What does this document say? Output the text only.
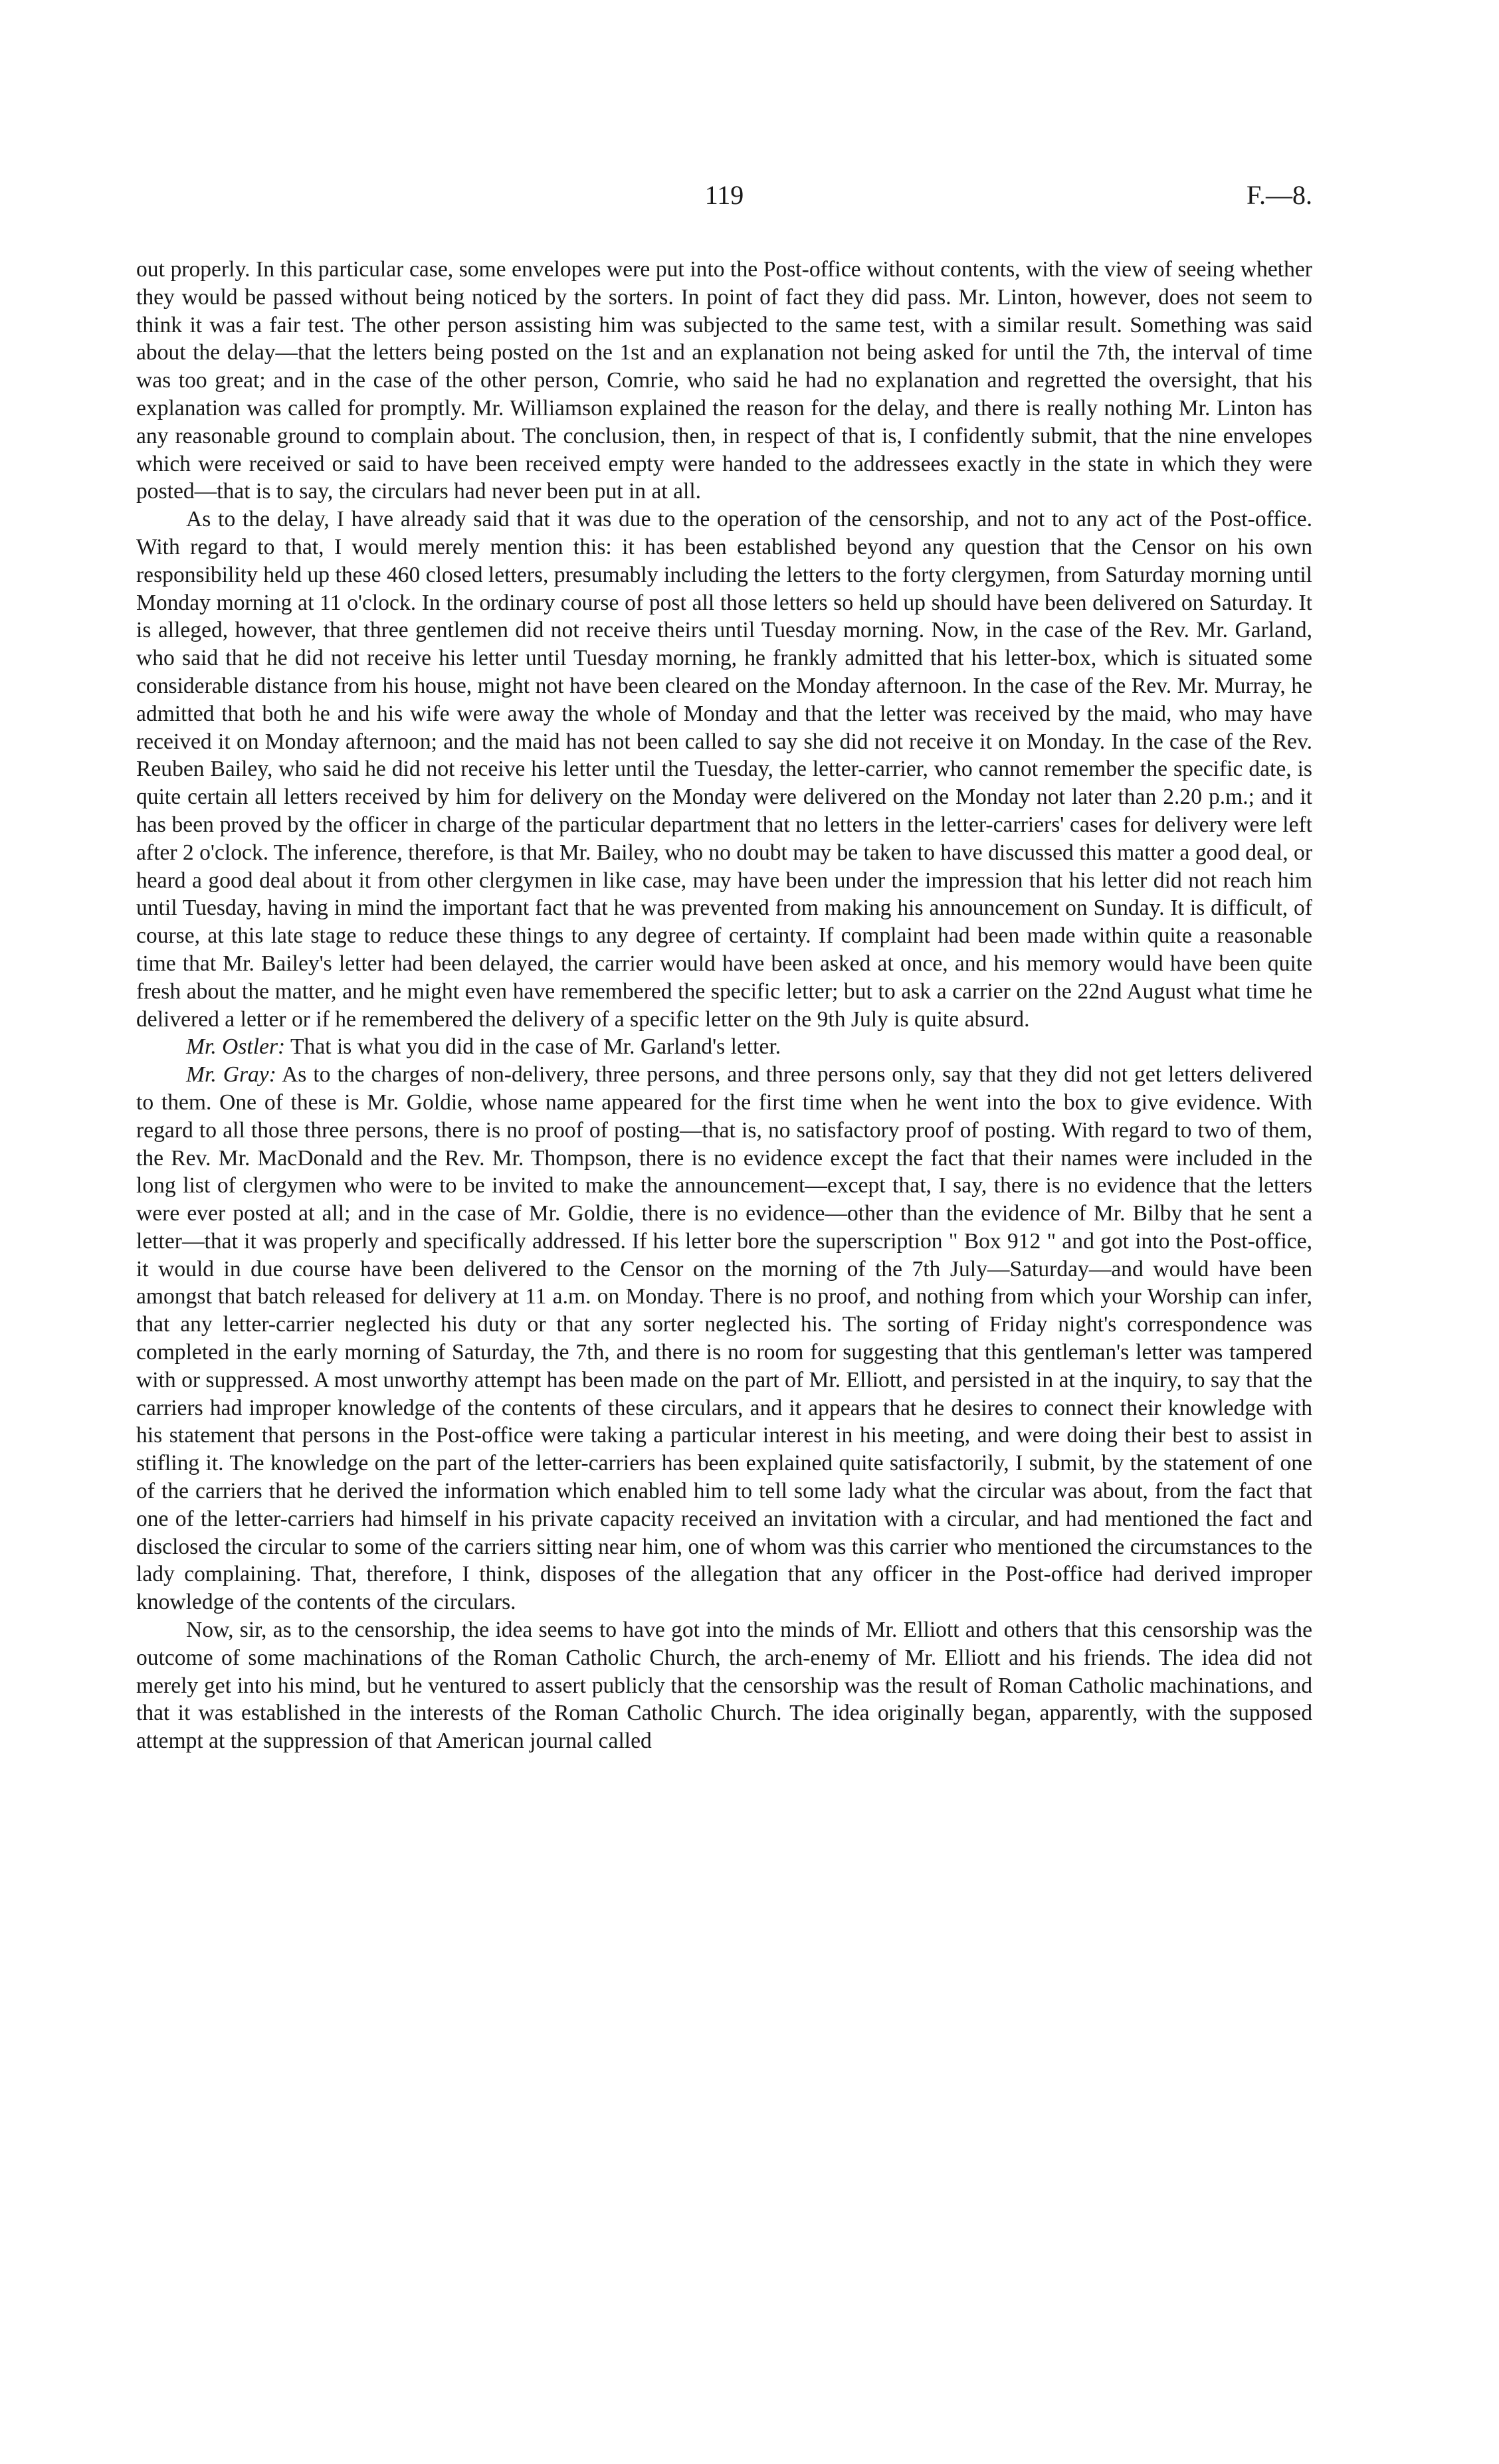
119	F.—8.

out properly. In this particular case, some envelopes were put into the Post-office without contents, with the view of seeing whether they would be passed without being noticed by the sorters. In point of fact they did pass. Mr. Linton, however, does not seem to think it was a fair test. The other person assisting him was subjected to the same test, with a similar result. Something was said about the delay—that the letters being posted on the 1st and an explanation not being asked for until the 7th, the interval of time was too great; and in the case of the other person, Comrie, who said he had no explanation and regretted the oversight, that his explanation was called for promptly. Mr. Williamson explained the reason for the delay, and there is really nothing Mr. Linton has any reasonable ground to complain about. The conclusion, then, in respect of that is, I confidently submit, that the nine envelopes which were received or said to have been received empty were handed to the addressees exactly in the state in which they were posted—that is to say, the circulars had never been put in at all.

As to the delay, I have already said that it was due to the operation of the censorship, and not to any act of the Post-office. With regard to that, I would merely mention this: it has been established beyond any question that the Censor on his own responsibility held up these 460 closed letters, presumably including the letters to the forty clergymen, from Saturday morning until Monday morning at 11 o'clock. In the ordinary course of post all those letters so held up should have been delivered on Saturday. It is alleged, however, that three gentlemen did not receive theirs until Tuesday morning. Now, in the case of the Rev. Mr. Garland, who said that he did not receive his letter until Tuesday morning, he frankly admitted that his letter-box, which is situated some considerable distance from his house, might not have been cleared on the Monday afternoon. In the case of the Rev. Mr. Murray, he admitted that both he and his wife were away the whole of Monday and that the letter was received by the maid, who may have received it on Monday afternoon; and the maid has not been called to say she did not receive it on Monday. In the case of the Rev. Reuben Bailey, who said he did not receive his letter until the Tuesday, the letter-carrier, who cannot remember the specific date, is quite certain all letters received by him for delivery on the Monday were delivered on the Monday not later than 2.20 p.m.; and it has been proved by the officer in charge of the particular department that no letters in the letter-carriers' cases for delivery were left after 2 o'clock. The inference, therefore, is that Mr. Bailey, who no doubt may be taken to have discussed this matter a good deal, or heard a good deal about it from other clergymen in like case, may have been under the impression that his letter did not reach him until Tuesday, having in mind the important fact that he was prevented from making his announcement on Sunday. It is difficult, of course, at this late stage to reduce these things to any degree of certainty. If complaint had been made within quite a reasonable time that Mr. Bailey's letter had been delayed, the carrier would have been asked at once, and his memory would have been quite fresh about the matter, and he might even have remembered the specific letter; but to ask a carrier on the 22nd August what time he delivered a letter or if he remembered the delivery of a specific letter on the 9th July is quite absurd.

Mr. Ostler: That is what you did in the case of Mr. Garland's letter.

Mr. Gray: As to the charges of non-delivery, three persons, and three persons only, say that they did not get letters delivered to them. One of these is Mr. Goldie, whose name appeared for the first time when he went into the box to give evidence. With regard to all those three persons, there is no proof of posting—that is, no satisfactory proof of posting. With regard to two of them, the Rev. Mr. MacDonald and the Rev. Mr. Thompson, there is no evidence except the fact that their names were included in the long list of clergymen who were to be invited to make the announcement—except that, I say, there is no evidence that the letters were ever posted at all; and in the case of Mr. Goldie, there is no evidence—other than the evidence of Mr. Bilby that he sent a letter—that it was properly and specifically addressed. If his letter bore the superscription " Box 912 " and got into the Post-office, it would in due course have been delivered to the Censor on the morning of the 7th July—Saturday—and would have been amongst that batch released for delivery at 11 a.m. on Monday. There is no proof, and nothing from which your Worship can infer, that any letter-carrier neglected his duty or that any sorter neglected his. The sorting of Friday night's correspondence was completed in the early morning of Saturday, the 7th, and there is no room for suggesting that this gentleman's letter was tampered with or suppressed. A most unworthy attempt has been made on the part of Mr. Elliott, and persisted in at the inquiry, to say that the carriers had improper knowledge of the contents of these circulars, and it appears that he desires to connect their knowledge with his statement that persons in the Post-office were taking a particular interest in his meeting, and were doing their best to assist in stifling it. The knowledge on the part of the letter-carriers has been explained quite satisfactorily, I submit, by the statement of one of the carriers that he derived the information which enabled him to tell some lady what the circular was about, from the fact that one of the letter-carriers had himself in his private capacity received an invitation with a circular, and had mentioned the fact and disclosed the circular to some of the carriers sitting near him, one of whom was this carrier who mentioned the circumstances to the lady complaining. That, therefore, I think, disposes of the allegation that any officer in the Post-office had derived improper knowledge of the contents of the circulars.

Now, sir, as to the censorship, the idea seems to have got into the minds of Mr. Elliott and others that this censorship was the outcome of some machinations of the Roman Catholic Church, the arch-enemy of Mr. Elliott and his friends. The idea did not merely get into his mind, but he ventured to assert publicly that the censorship was the result of Roman Catholic machinations, and that it was established in the interests of the Roman Catholic Church. The idea originally began, apparently, with the supposed attempt at the suppression of that American journal called
